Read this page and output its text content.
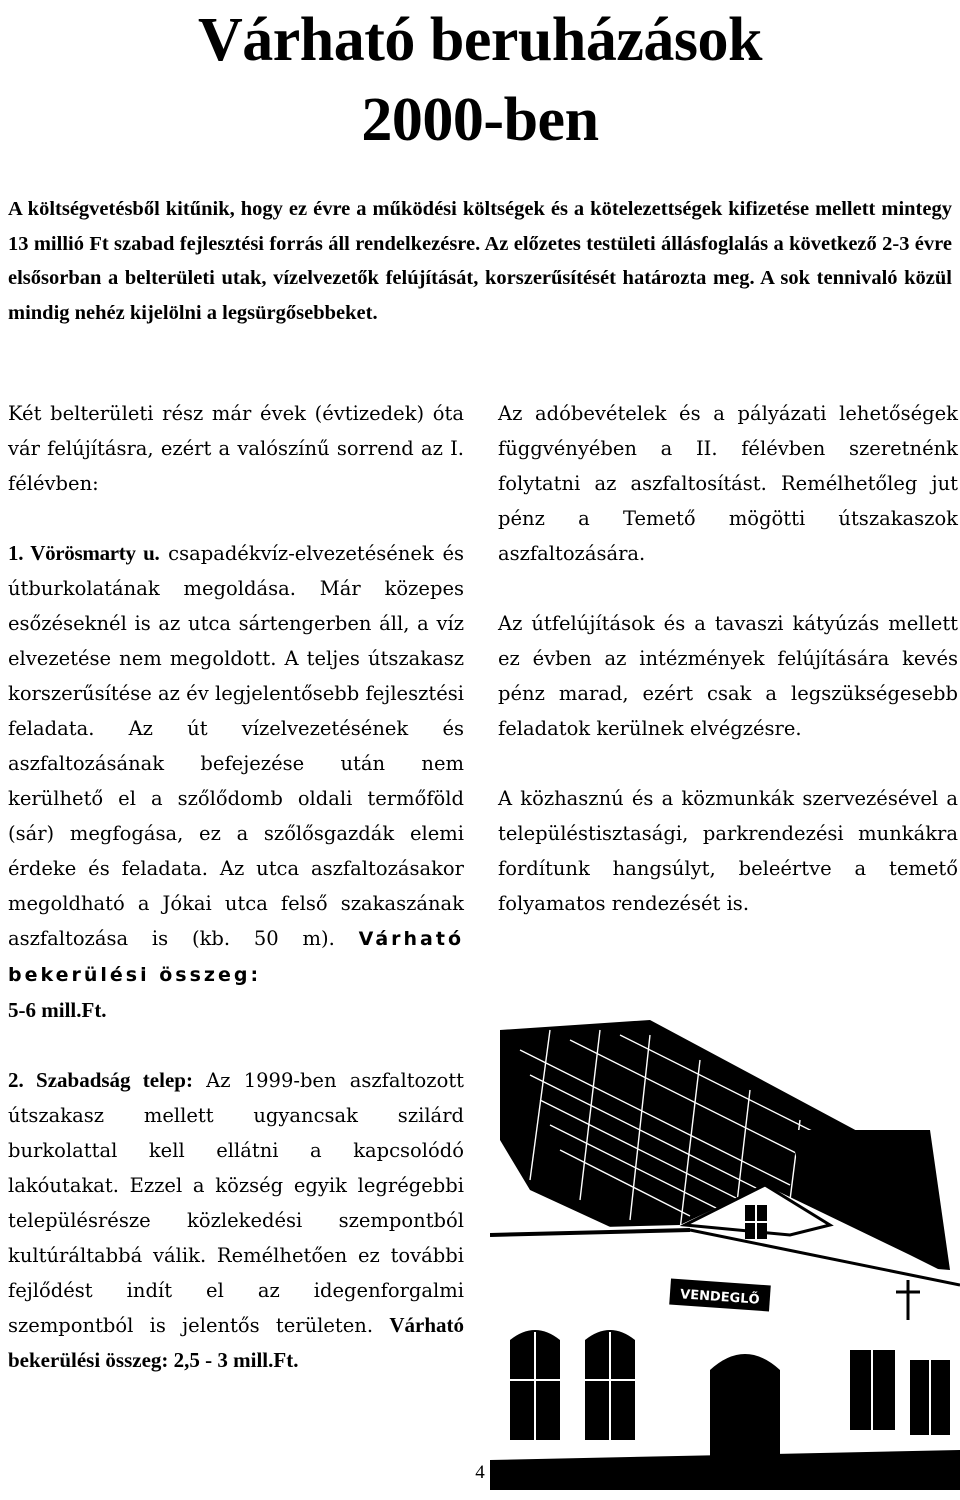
Várható beruházások
2000-ben

A költségvetésből kitűnik, hogy ez évre a működési költségek és a kötelezettségek kifizetése mellett mintegy 13 millió Ft szabad fejlesztési forrás áll rendelkezésre. Az előzetes testületi állásfoglalás a következő 2-3 évre elsősorban a belterületi utak, vízelvezetők felújítását, korszerűsítését határozta meg. A sok tennivaló közül mindig nehéz kijelölni a legsürgősebbeket.

Két belterületi rész már évek (évtizedek) óta vár felújításra, ezért a valószínű sorrend az I. félévben:

1. Vörösmarty u. csapadékvíz-elvezetésének és útburkolatának megoldása. Már közepes esőzéseknél is az utca sártengerben áll, a víz elvezetése nem megoldott. A teljes útszakasz korszerűsítése az év legjelentősebb fejlesztési feladata. Az út vízelvezetésének és aszfaltozásának befejezése után nem kerülhető el a szőlődomb oldali termőföld (sár) megfogása, ez a szőlősgazdák elemi érdeke és feladata. Az utca aszfaltozásakor megoldható a Jókai utca felső szakaszának aszfaltozása is (kb. 50 m). Várható bekerülési összeg:
5-6 mill.Ft.

2. Szabadság telep: Az 1999-ben aszfaltozott útszakasz mellett ugyancsak szilárd burkolattal kell ellátni a kapcsolódó lakóutakat. Ezzel a község egyik legrégebbi településrésze közlekedési szempontból kultúráltabbá válik. Remélhetően ez további fejlődést indít el az idegenforgalmi szempontból is jelentős területen. Várható bekerülési összeg: 2,5 - 3 mill.Ft.

Az adóbevételek és a pályázati lehetőségek függvényében a II. félévben szeretnénk folytatni az aszfaltosítást. Remélhetőleg jut pénz a Temető mögötti útszakaszok aszfaltozására.

Az útfelújítások és a tavaszi kátyúzás mellett ez évben az intézmények felújítására kevés pénz marad, ezért csak a legszükségesebb feladatok kerülnek elvégzésre.

A közhasznú és a közmunkák szervezésével a településtisztasági, parkrendezési munkákra fordítunk hangsúlyt, beleértve a temető folyamatos rendezését is.

VENDEGLŐ
4
